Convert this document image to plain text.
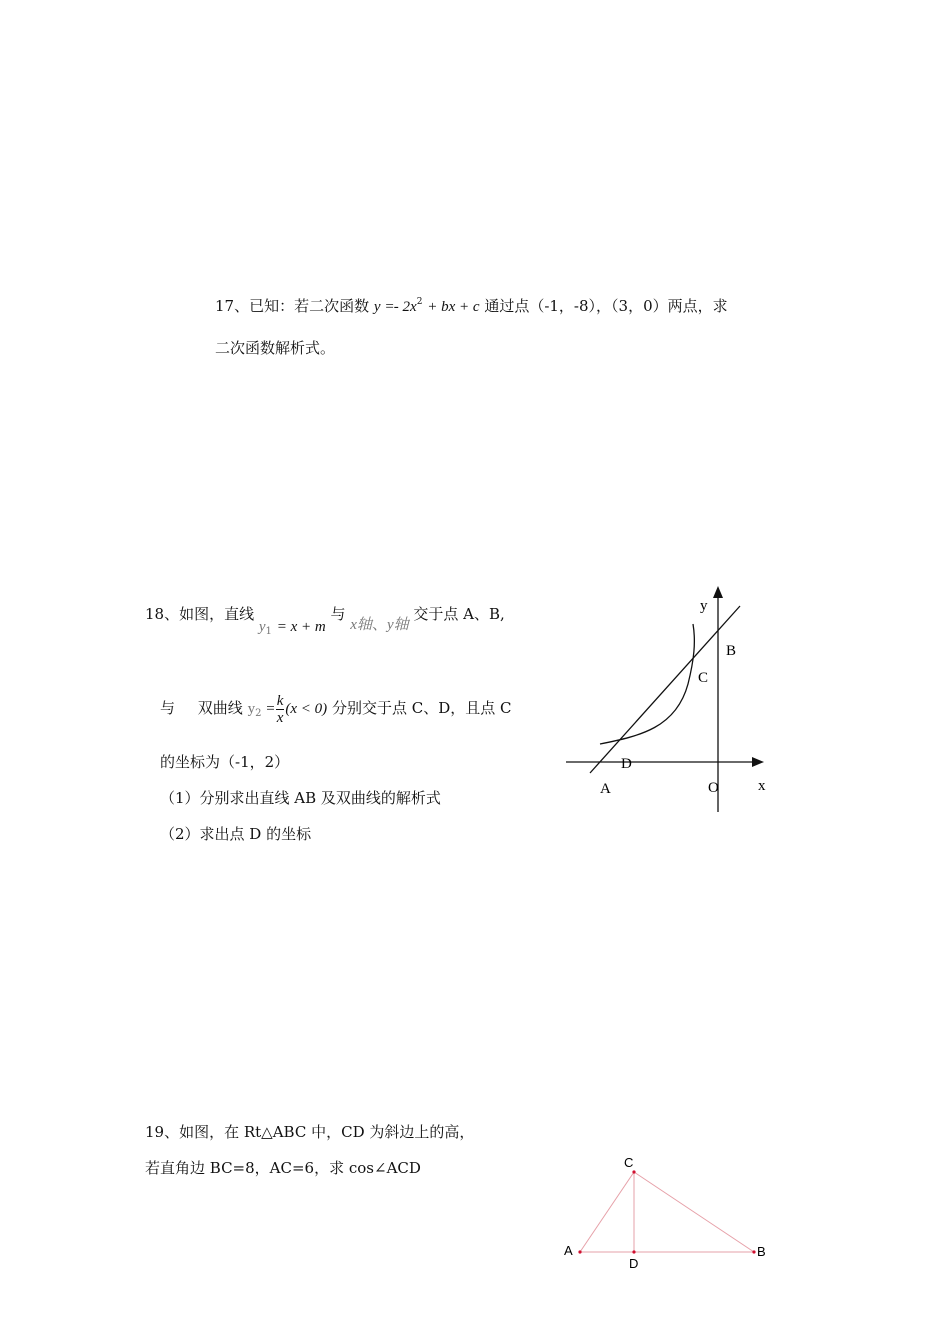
17、已知：若二次函数 $y =- 2x^2$ + bx + c 通过点（-1，-8），（3，0）两点，求
二次函数解析式。
18、如图，直线 $y_1 = x + m$ 与 x轴、y轴 交于点 A、B,
与 双曲线 $y_2 = \frac{k}{x} (x < 0)$ 分别交于点 C、D，且点 C
的坐标为（-1，2）
（1）分别求出直线 AB 及双曲线的解析式
（2）求出点 D 的坐标
y
x
B
C
D
A	O
19、如图，在 Rt△ABC 中，CD 为斜边上的高，
若直角边 BC=8，AC=6，求 cos∠ACD
A
C
B
D
